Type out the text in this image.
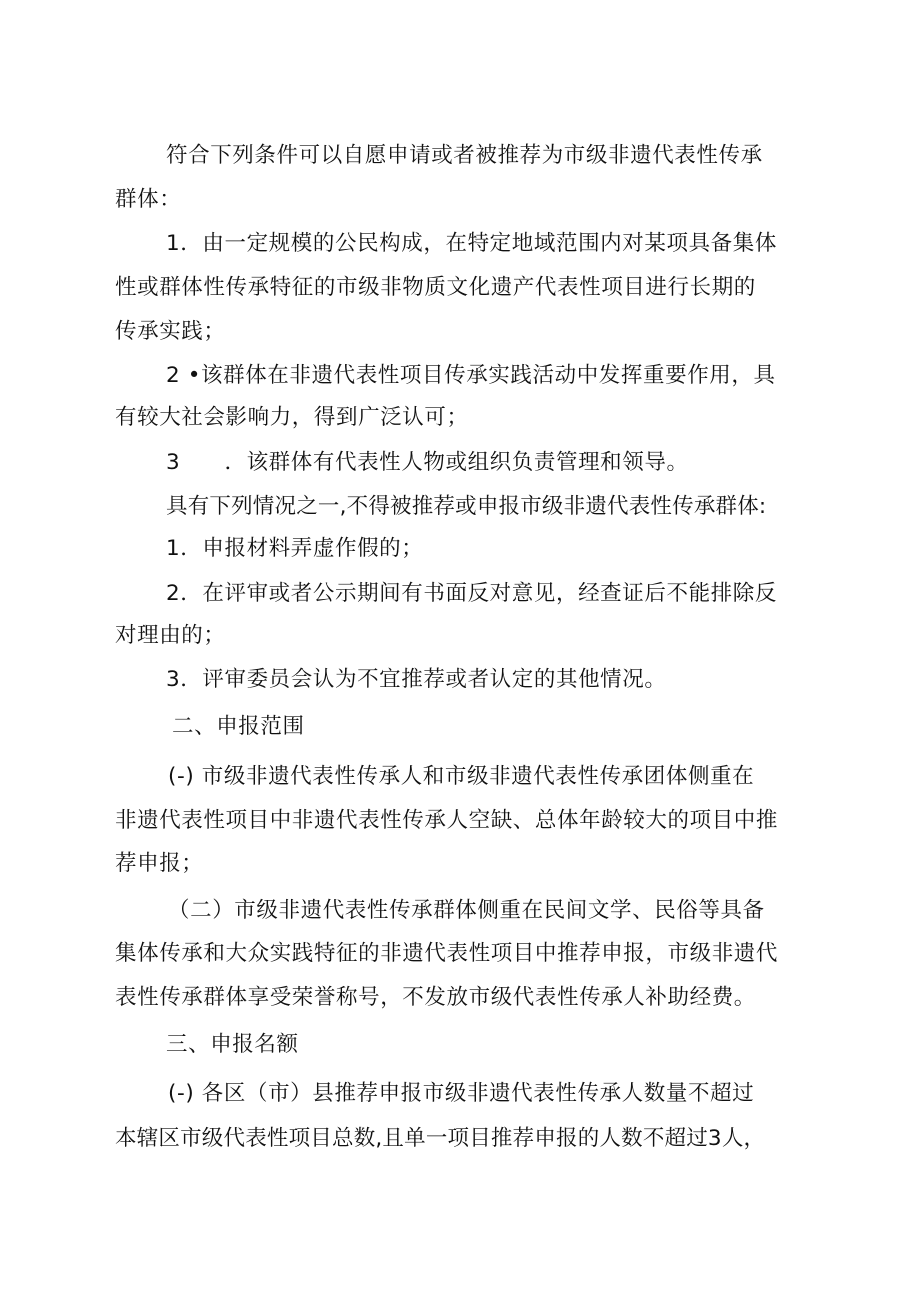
符合下列条件可以自愿申请或者被推荐为市级非遗代表性传承
群体：
1．由一定规模的公民构成，在特定地域范围内对某项具备集体
性或群体性传承特征的市级非物质文化遗产代表性项目进行长期的
传承实践；
2 •该群体在非遗代表性项目传承实践活动中发挥重要作用，具
有较大社会影响力，得到广泛认可；
3　　．该群体有代表性人物或组织负责管理和领导。
具有下列情况之一,不得被推荐或申报市级非遗代表性传承群体:
1．申报材料弄虚作假的；
2．在评审或者公示期间有书面反对意见，经查证后不能排除反
对理由的；
3．评审委员会认为不宜推荐或者认定的其他情况。
二、申报范围
(-) 市级非遗代表性传承人和市级非遗代表性传承团体侧重在
非遗代表性项目中非遗代表性传承人空缺、总体年龄较大的项目中推
荐申报；
（二）市级非遗代表性传承群体侧重在民间文学、民俗等具备
集体传承和大众实践特征的非遗代表性项目中推荐申报，市级非遗代
表性传承群体享受荣誉称号，不发放市级代表性传承人补助经费。
三、申报名额
(-) 各区（市）县推荐申报市级非遗代表性传承人数量不超过
本辖区市级代表性项目总数,且单一项目推荐申报的人数不超过3人，
